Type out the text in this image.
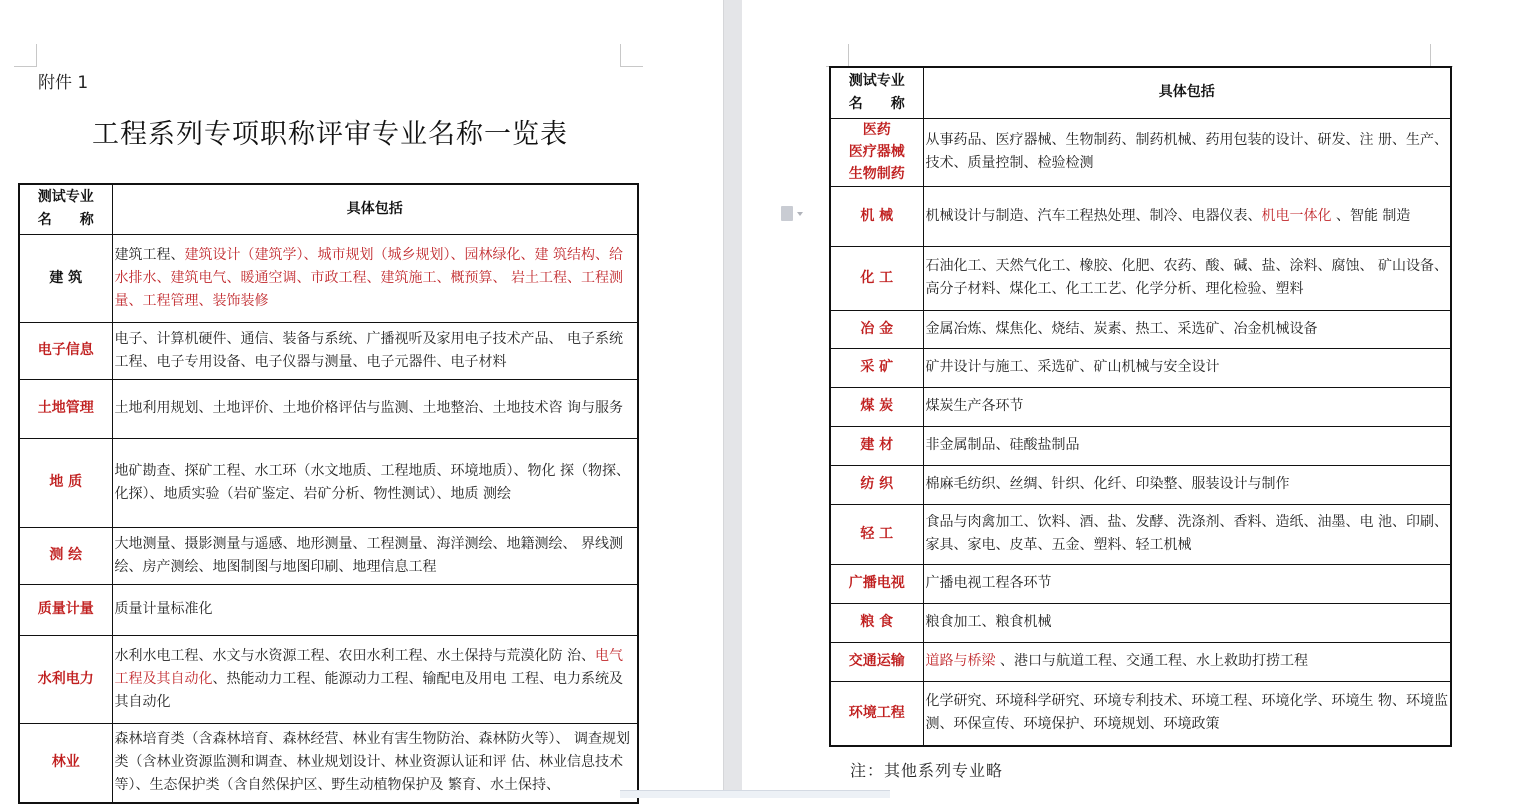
附件 1
工程系列专项职称评审专业名称一览表
测试专业
名　　称	具体包括

建 筑	建筑工程、建筑设计（建筑学）、城市规划（城乡规划）、园林绿化、建 筑结构、给水排水、建筑电气、暖通空调、市政工程、建筑施工、概预算、 岩土工程、工程测量、工程管理、装饰装修

电子信息	电子、计算机硬件、通信、装备与系统、广播视听及家用电子技术产品、 电子系统工程、电子专用设备、电子仪器与测量、电子元器件、电子材料

土地管理	土地利用规划、土地评价、土地价格评估与监测、土地整治、土地技术咨 询与服务

地 质	地矿勘查、探矿工程、水工环（水文地质、工程地质、环境地质）、物化 探（物探、化探）、地质实验（岩矿鉴定、岩矿分析、物性测试）、地质 测绘

测 绘	大地测量、摄影测量与遥感、地形测量、工程测量、海洋测绘、地籍测绘、 界线测绘、房产测绘、地图制图与地图印刷、地理信息工程

质量计量	质量计量标准化

水利电力	水利水电工程、水文与水资源工程、农田水利工程、水土保持与荒漠化防 治、电气工程及其自动化、热能动力工程、能源动力工程、输配电及用电 工程、电力系统及其自动化

林业	森林培育类（含森林培育、森林经营、林业有害生物防治、森林防火等）、 调查规划类（含林业资源监测和调查、林业规划设计、林业资源认证和评 估、林业信息技术等）、生态保护类（含自然保护区、野生动植物保护及 繁育、水土保持、
测试专业
名　　称	具体包括

医药
医疗器械
生物制药	从事药品、医疗器械、生物制药、制药机械、药用包装的设计、研发、注 册、生产、技术、质量控制、检验检测

机 械	机械设计与制造、汽车工程热处理、制冷、电器仪表、机电一体化 、智能 制造

化 工	石油化工、天然气化工、橡胶、化肥、农药、酸、碱、盐、涂料、腐蚀、 矿山设备、高分子材料、煤化工、化工工艺、化学分析、理化检验、塑料

冶 金	金属冶炼、煤焦化、烧结、炭素、热工、采选矿、冶金机械设备

采 矿	矿井设计与施工、采选矿、矿山机械与安全设计

煤 炭	煤炭生产各环节

建 材	非金属制品、硅酸盐制品

纺 织	棉麻毛纺织、丝绸、针织、化纤、印染整、服装设计与制作

轻 工	食品与肉禽加工、饮料、酒、盐、发酵、洗涤剂、香料、造纸、油墨、电 池、印刷、家具、家电、皮革、五金、塑料、轻工机械

广播电视	广播电视工程各环节

粮 食	粮食加工、粮食机械

交通运输	道路与桥梁 、港口与航道工程、交通工程、水上救助打捞工程

环境工程	化学研究、环境科学研究、环境专利技术、环境工程、环境化学、环境生 物、环境监测、环保宣传、环境保护、环境规划、环境政策
注：其他系列专业略
